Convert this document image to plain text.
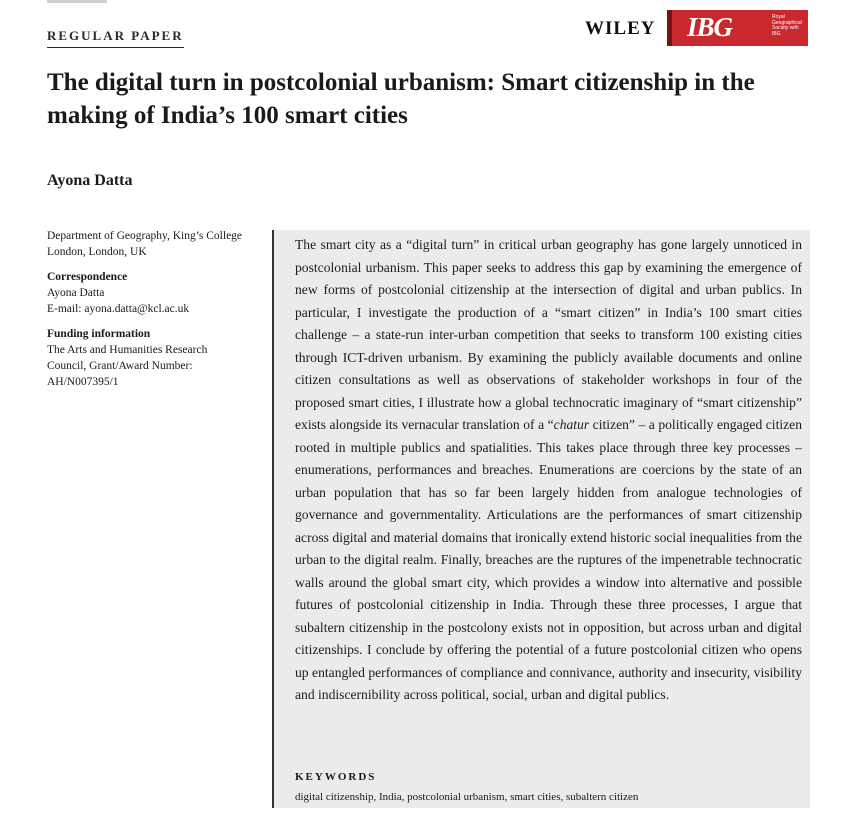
REGULAR PAPER	WILEY IBG	Royal Geographical Society with IBG
The digital turn in postcolonial urbanism: Smart citizenship in the making of India’s 100 smart cities
Ayona Datta

Department of Geography, King’s College London, London, UK

Correspondence
Ayona Datta
E-mail: ayona.datta@kcl.ac.uk

Funding information
The Arts and Humanities Research Council, Grant/Award Number: AH/N007395/1

The smart city as a “digital turn” in critical urban geography has gone largely unnoticed in postcolonial urbanism. This paper seeks to address this gap by examining the emergence of new forms of postcolonial citizenship at the intersection of digital and urban publics. In particular, I investigate the production of a “smart citizen” in India’s 100 smart cities challenge – a state-run inter-urban competition that seeks to transform 100 existing cities through ICT-driven urbanism. By examining the publicly available documents and online citizen consultations as well as observations of stakeholder workshops in four of the proposed smart cities, I illustrate how a global technocratic imaginary of “smart citizenship” exists alongside its vernacular translation of a “chatur citizen” – a politically engaged citizen rooted in multiple publics and spatialities. This takes place through three key processes – enumerations, performances and breaches. Enumerations are coercions by the state of an urban population that has so far been largely hidden from analogue technologies of governance and governmentality. Articulations are the performances of smart citizenship across digital and material domains that ironically extend historic social inequalities from the urban to the digital realm. Finally, breaches are the ruptures of the impenetrable technocratic walls around the global smart city, which provides a window into alternative and possible futures of postcolonial citizenship in India. Through these three processes, I argue that subaltern citizenship in the postcolony exists not in opposition, but across urban and digital citizenships. I conclude by offering the potential of a future postcolonial citizen who opens up entangled performances of compliance and connivance, authority and insecurity, visibility and indiscernibility across political, social, urban and digital publics.

KEYWORDS
digital citizenship, India, postcolonial urbanism, smart cities, subaltern citizen
